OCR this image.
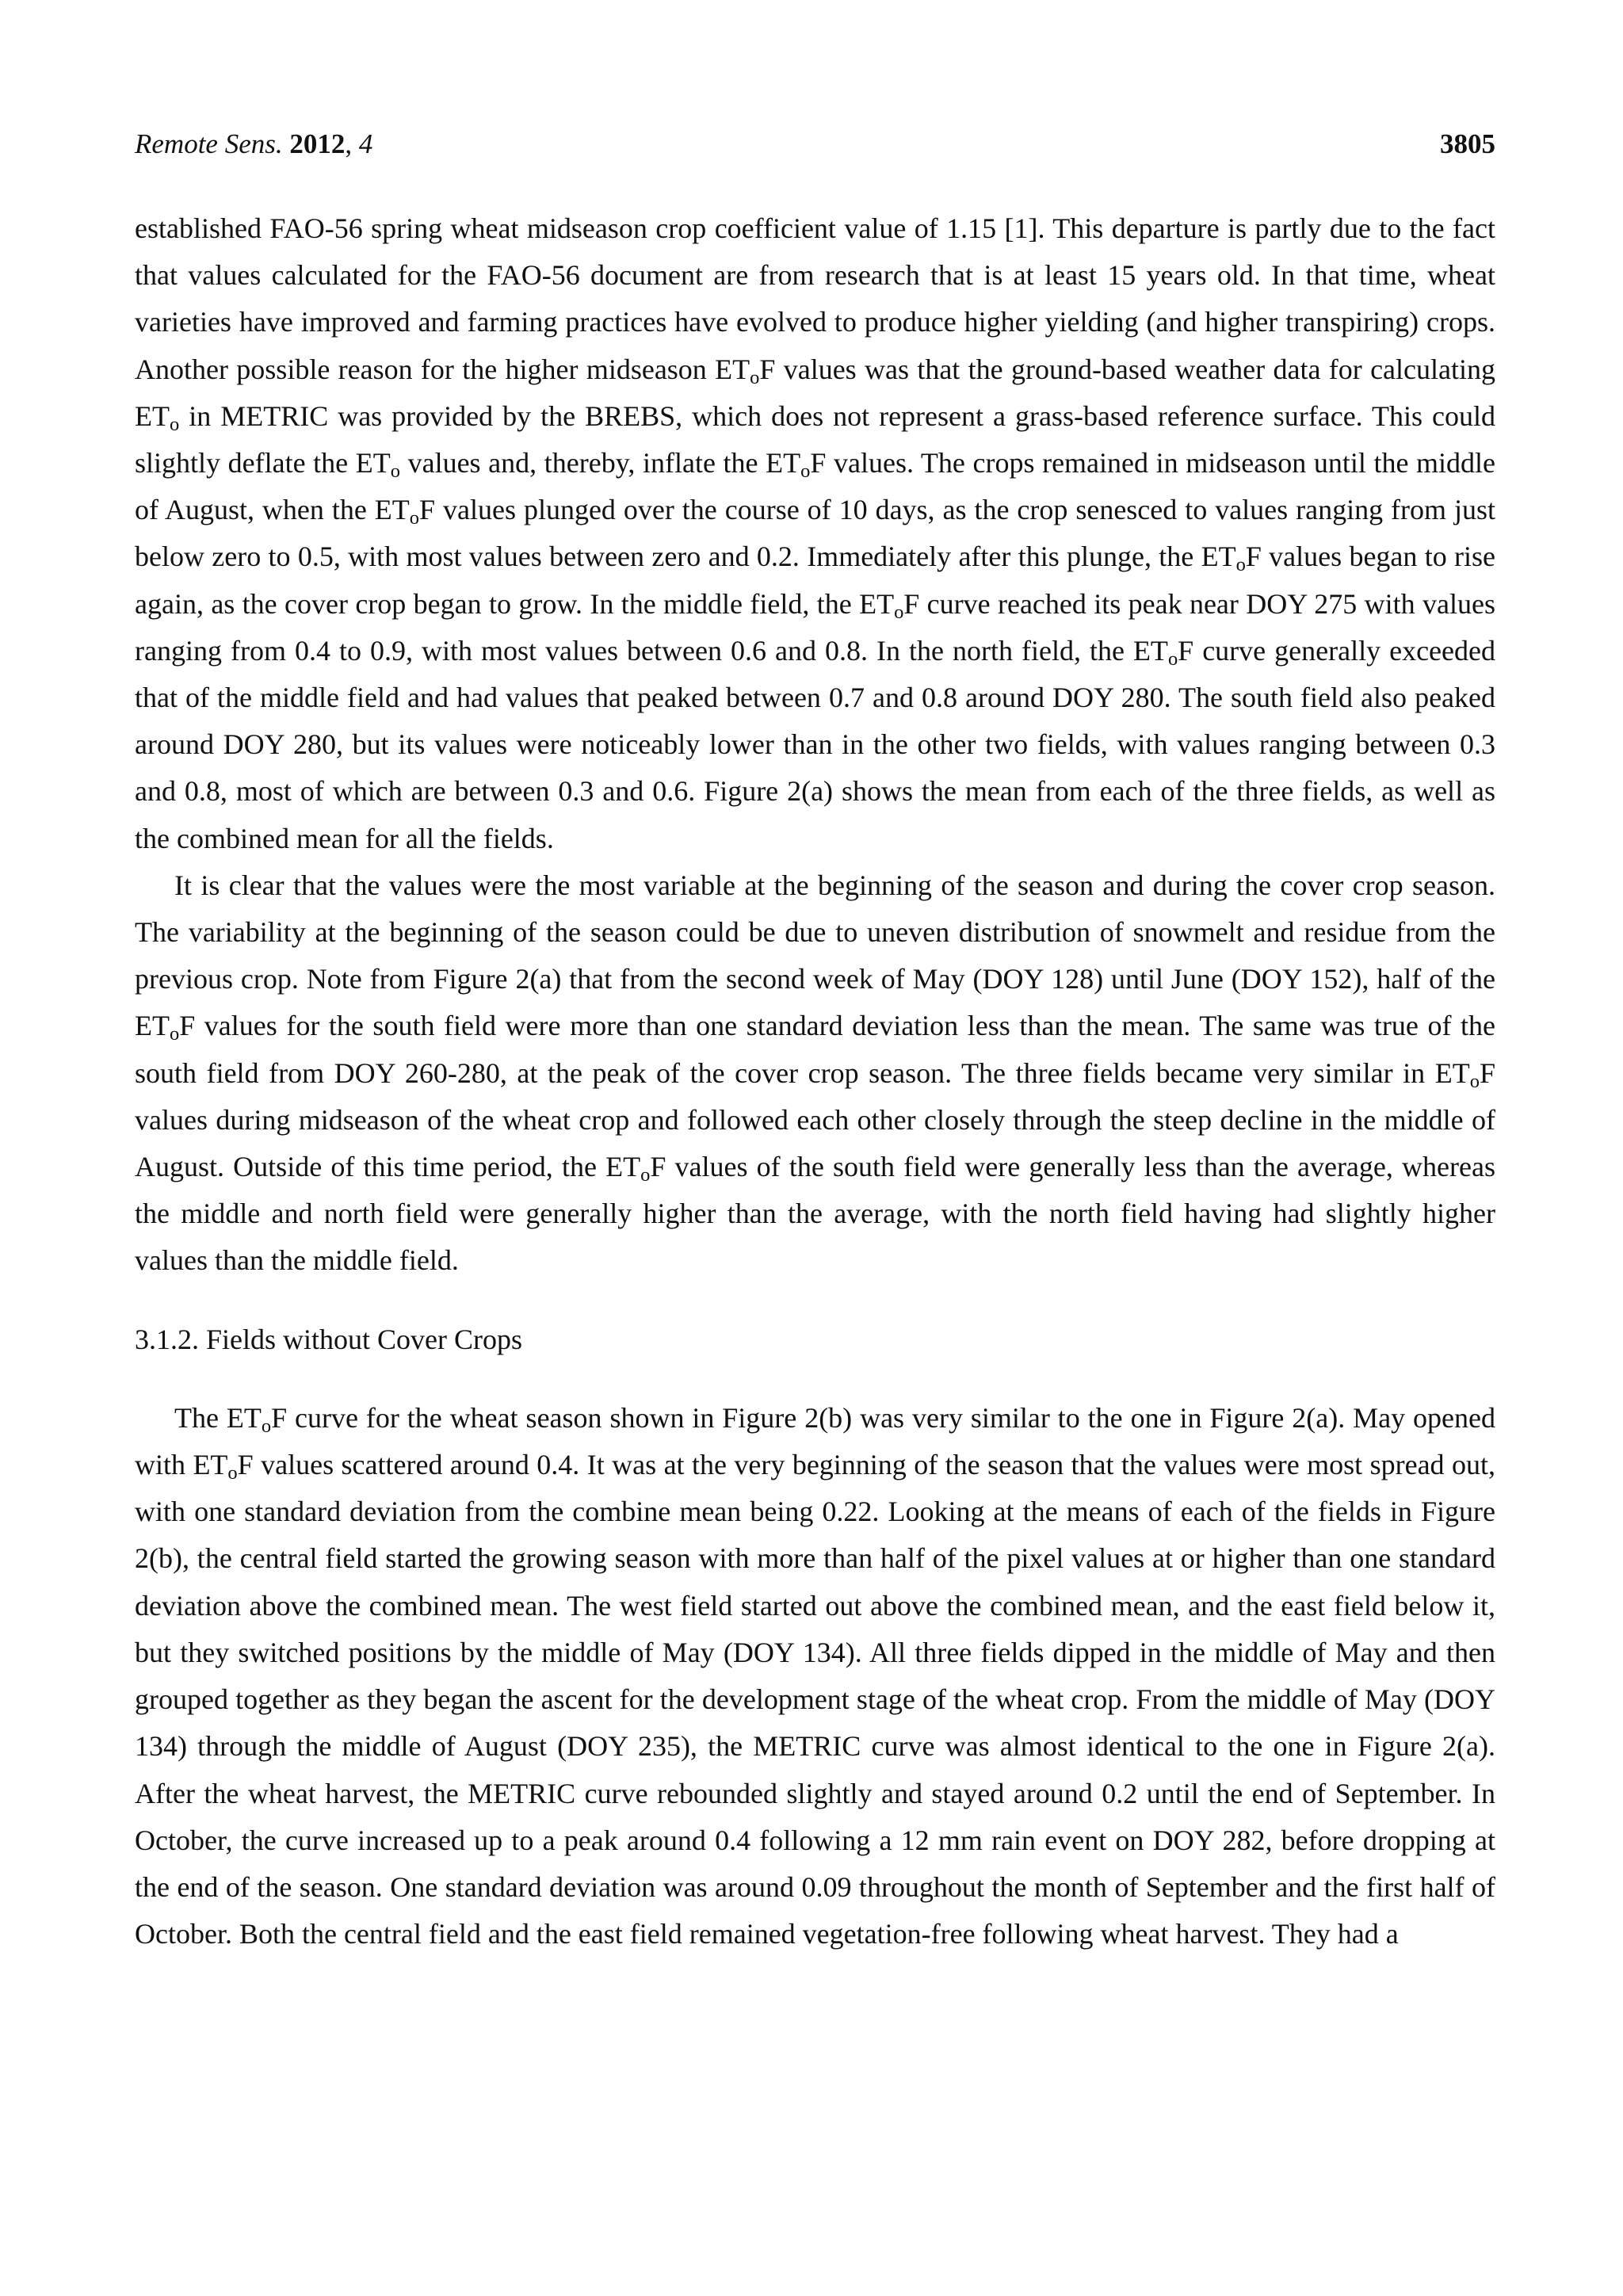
Remote Sens. 2012, 4	3805

established FAO-56 spring wheat midseason crop coefficient value of 1.15 [1]. This departure is partly due to the fact that values calculated for the FAO-56 document are from research that is at least 15 years old. In that time, wheat varieties have improved and farming practices have evolved to produce higher yielding (and higher transpiring) crops. Another possible reason for the higher midseason $ET_oF$ values was that the ground-based weather data for calculating $ET_o$ in METRIC was provided by the BREBS, which does not represent a grass-based reference surface. This could slightly deflate the $ET_o$ values and, thereby, inflate the $ET_oF$ values. The crops remained in midseason until the middle of August, when the $ET_oF$ values plunged over the course of 10 days, as the crop senesced to values ranging from just below zero to 0.5, with most values between zero and 0.2. Immediately after this plunge, the $ET_oF$ values began to rise again, as the cover crop began to grow. In the middle field, the $ET_oF$ curve reached its peak near DOY 275 with values ranging from 0.4 to 0.9, with most values between 0.6 and 0.8. In the north field, the $ET_oF$ curve generally exceeded that of the middle field and had values that peaked between 0.7 and 0.8 around DOY 280. The south field also peaked around DOY 280, but its values were noticeably lower than in the other two fields, with values ranging between 0.3 and 0.8, most of which are between 0.3 and 0.6. Figure 2(a) shows the mean from each of the three fields, as well as the combined mean for all the fields.

It is clear that the values were the most variable at the beginning of the season and during the cover crop season. The variability at the beginning of the season could be due to uneven distribution of snowmelt and residue from the previous crop. Note from Figure 2(a) that from the second week of May (DOY 128) until June (DOY 152), half of the $ET_oF$ values for the south field were more than one standard deviation less than the mean. The same was true of the south field from DOY 260-280, at the peak of the cover crop season. The three fields became very similar in $ET_oF$ values during midseason of the wheat crop and followed each other closely through the steep decline in the middle of August. Outside of this time period, the $ET_oF$ values of the south field were generally less than the average, whereas the middle and north field were generally higher than the average, with the north field having had slightly higher values than the middle field.

3.1.2. Fields without Cover Crops

The $ET_oF$ curve for the wheat season shown in Figure 2(b) was very similar to the one in Figure 2(a). May opened with $ET_oF$ values scattered around 0.4. It was at the very beginning of the season that the values were most spread out, with one standard deviation from the combine mean being 0.22. Looking at the means of each of the fields in Figure 2(b), the central field started the growing season with more than half of the pixel values at or higher than one standard deviation above the combined mean. The west field started out above the combined mean, and the east field below it, but they switched positions by the middle of May (DOY 134). All three fields dipped in the middle of May and then grouped together as they began the ascent for the development stage of the wheat crop. From the middle of May (DOY 134) through the middle of August (DOY 235), the METRIC curve was almost identical to the one in Figure 2(a). After the wheat harvest, the METRIC curve rebounded slightly and stayed around 0.2 until the end of September. In October, the curve increased up to a peak around 0.4 following a 12 mm rain event on DOY 282, before dropping at the end of the season. One standard deviation was around 0.09 throughout the month of September and the first half of October. Both the central field and the east field remained vegetation-free following wheat harvest. They had a
